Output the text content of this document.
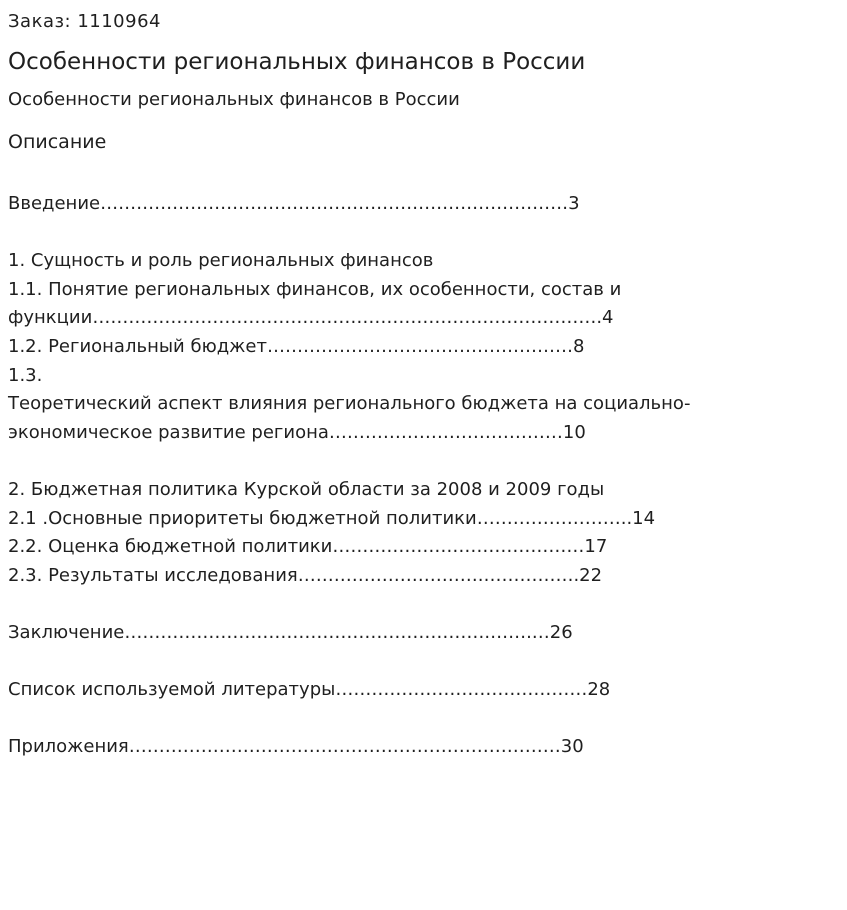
Заказ: 1110964
Особенности региональных финансов в России
Особенности региональных финансов в России
Описание
Введение……………………………………………………………………3
1. Сущность и роль региональных финансов
1.1. Понятие региональных финансов, их особенности, состав и
функции………………………………………………………………………….4
1.2. Региональный бюджет……………………………………………8
1.3.
Теоретический аспект влияния регионального бюджета на социально-
экономическое развитие региона…………………………………10
2. Бюджетная политика Курской области за 2008 и 2009 годы
2.1 .Основные приоритеты бюджетной политики……………………..14
2.2. Оценка бюджетной политики……………………………………17
2.3. Результаты исследования………………………….…………….22
Заключение…………………………………………………….…….…26
Список используемой литературы……………………………………28
Приложения………………………………………………………………30
